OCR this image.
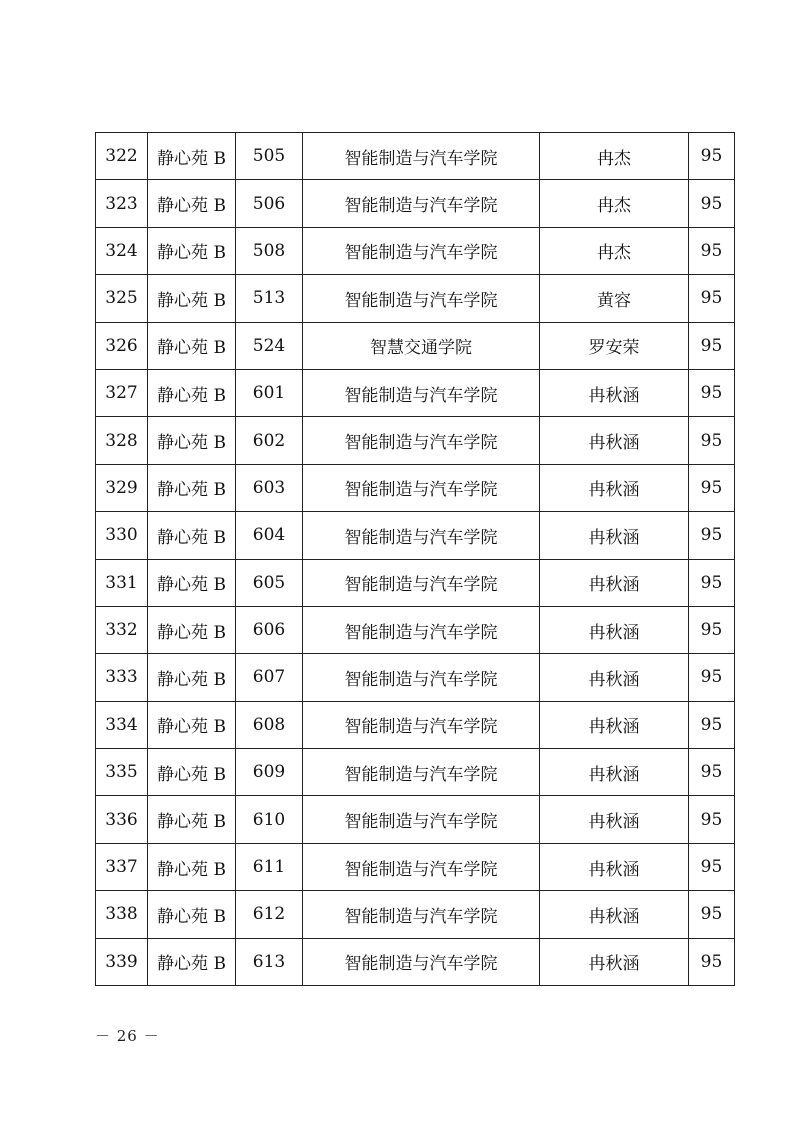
322	静心苑 B	505	智能制造与汽车学院	冉杰	95
323	静心苑 B	506	智能制造与汽车学院	冉杰	95
324	静心苑 B	508	智能制造与汽车学院	冉杰	95
325	静心苑 B	513	智能制造与汽车学院	黄容	95
326	静心苑 B	524	智慧交通学院	罗安荣	95
327	静心苑 B	601	智能制造与汽车学院	冉秋涵	95
328	静心苑 B	602	智能制造与汽车学院	冉秋涵	95
329	静心苑 B	603	智能制造与汽车学院	冉秋涵	95
330	静心苑 B	604	智能制造与汽车学院	冉秋涵	95
331	静心苑 B	605	智能制造与汽车学院	冉秋涵	95
332	静心苑 B	606	智能制造与汽车学院	冉秋涵	95
333	静心苑 B	607	智能制造与汽车学院	冉秋涵	95
334	静心苑 B	608	智能制造与汽车学院	冉秋涵	95
335	静心苑 B	609	智能制造与汽车学院	冉秋涵	95
336	静心苑 B	610	智能制造与汽车学院	冉秋涵	95
337	静心苑 B	611	智能制造与汽车学院	冉秋涵	95
338	静心苑 B	612	智能制造与汽车学院	冉秋涵	95
339	静心苑 B	613	智能制造与汽车学院	冉秋涵	95
－ 26 －
